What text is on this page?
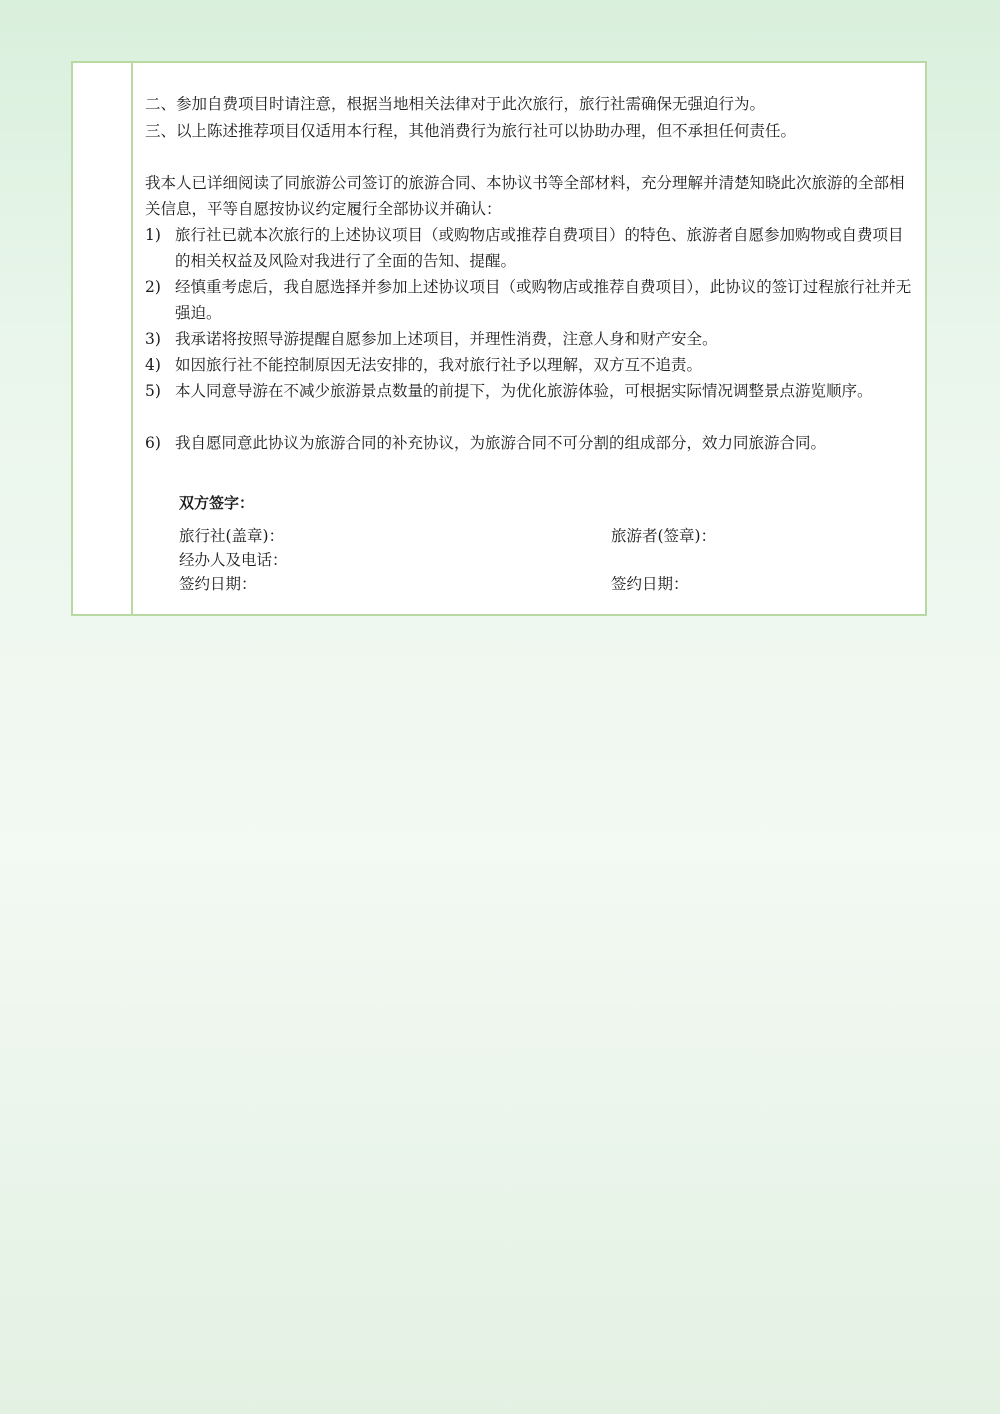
二、参加自费项目时请注意，根据当地相关法律对于此次旅行，旅行社需确保无强迫行为。

三、以上陈述推荐项目仅适用本行程，其他消费行为旅行社可以协助办理，但不承担任何责任。

我本人已详细阅读了同旅游公司签订的旅游合同、本协议书等全部材料，充分理解并清楚知晓此次旅游的全部相关信息，平等自愿按协议约定履行全部协议并确认：

1) 旅行社已就本次旅行的上述协议项目（或购物店或推荐自费项目）的特色、旅游者自愿参加购物或自费项目的相关权益及风险对我进行了全面的告知、提醒。
2) 经慎重考虑后，我自愿选择并参加上述协议项目（或购物店或推荐自费项目），此协议的签订过程旅行社并无强迫。
3) 我承诺将按照导游提醒自愿参加上述项目，并理性消费，注意人身和财产安全。
4) 如因旅行社不能控制原因无法安排的，我对旅行社予以理解，双方互不追责。
5) 本人同意导游在不减少旅游景点数量的前提下，为优化旅游体验，可根据实际情况调整景点游览顺序。
6) 我自愿同意此协议为旅游合同的补充协议，为旅游合同不可分割的组成部分，效力同旅游合同。
双方签字：
旅行社(盖章)：
经办人及电话：
签约日期：
旅游者(签章)：
签约日期：
